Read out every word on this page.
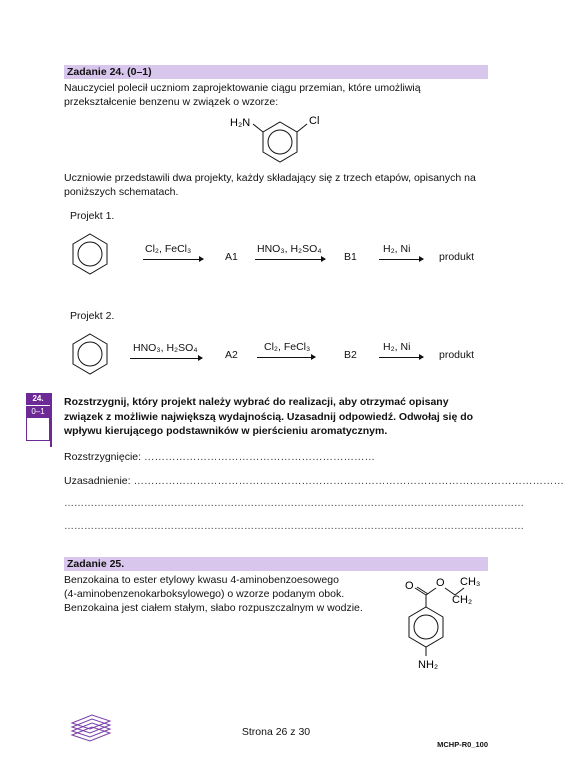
Zadanie 24. (0–1)
Nauczyciel polecił uczniom zaprojektowanie ciągu przemian, które umożliwią przekształcenie benzenu w związek o wzorze:
H₂N	Cl
Uczniowie przedstawili dwa projekty, każdy składający się z trzech etapów, opisanych na poniższych schematach.
Projekt 1.
Cl₂, FeCl₃
A1
HNO₃, H₂SO₄
B1
H₂, Ni
produkt
Projekt 2.
HNO₃, H₂SO₄
A2
Cl₂, FeCl₃
B2
H₂, Ni
produkt
24.
0–1
Rozstrzygnij, który projekt należy wybrać do realizacji, aby otrzymać opisany związek z możliwie największą wydajnością. Uzasadnij odpowiedź. Odwołaj się do wpływu kierującego podstawników w pierścieniu aromatycznym.
Rozstrzygnięcie: …………………………………………………………
Uzasadnienie: ……………………………………………………………………………………………………………
…………………………………………………………………………………………………………………………
…………………………………………………………………………………………………………………………
Zadanie 25.
Benzokaina to ester etylowy kwasu 4-aminobenzoesowego
(4-aminobenzenokarboksylowego) o wzorze podanym obok.
Benzokaina jest ciałem stałym, słabo rozpuszczalnym w wodzie.
O O CH₃
CH₂
NH₂
Strona 26 z 30
MCHP-R0_100
